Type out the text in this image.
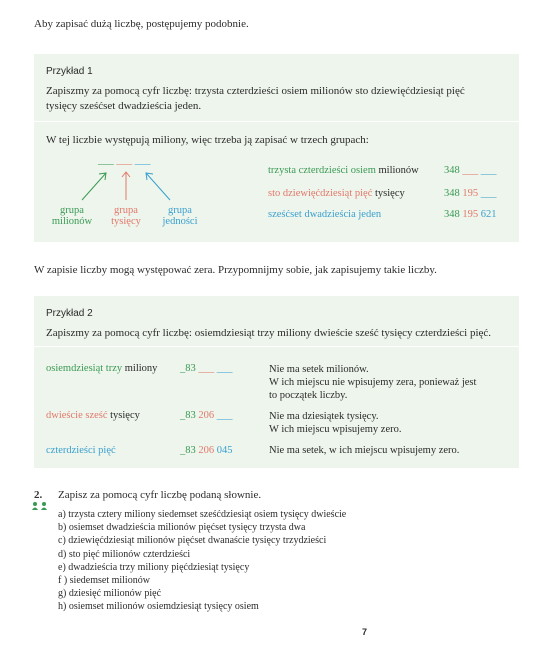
Aby zapisać dużą liczbę, postępujemy podobnie.
Przykład 1
Zapiszmy za pomocą cyfr liczbę: trzysta czterdzieści osiem milionów sto dziewięćdziesiąt pięć
tysięcy sześćset dwadzieścia jeden.
W tej liczbie występują miliony, więc trzeba ją zapisać w trzech grupach:
___ ___ ___
grupa
milionów
grupa
tysięcy
grupa
jedności
trzysta czterdzieści osiem milionów 348 ___ ___
sto dziewięćdziesiąt pięć tysięcy	348 195 ___
sześćset dwadzieścia jeden	348 195 621
W zapisie liczby mogą występować zera. Przypomnijmy sobie, jak zapisujemy takie liczby.
Przykład 2
Zapiszmy za pomocą cyfr liczbę: osiemdziesiąt trzy miliony dwieście sześć tysięcy czterdzieści pięć.
osiemdziesiąt trzy miliony _83 ___ ___	Nie ma setek milionów.
W ich miejscu nie wpisujemy zera, ponieważ jest
to początek liczby.
dwieście sześć tysięcy	_83 206 ___	Nie ma dziesiątek tysięcy.
W ich miejscu wpisujemy zero.
czterdzieści pięć	_83 206 045	Nie ma setek, w ich miejscu wpisujemy zero.
2. Zapisz za pomocą cyfr liczbę podaną słownie.
a) trzysta cztery miliony siedemset sześćdziesiąt osiem tysięcy dwieście
b) osiemset dwadzieścia milionów pięćset tysięcy trzysta dwa
c) dziewięćdziesiąt milionów pięćset dwanaście tysięcy trzydzieści
d) sto pięć milionów czterdzieści
e) dwadzieścia trzy miliony pięćdziesiąt tysięcy
f ) siedemset milionów
g) dziesięć milionów pięć
h) osiemset milionów osiemdziesiąt tysięcy osiem
7
